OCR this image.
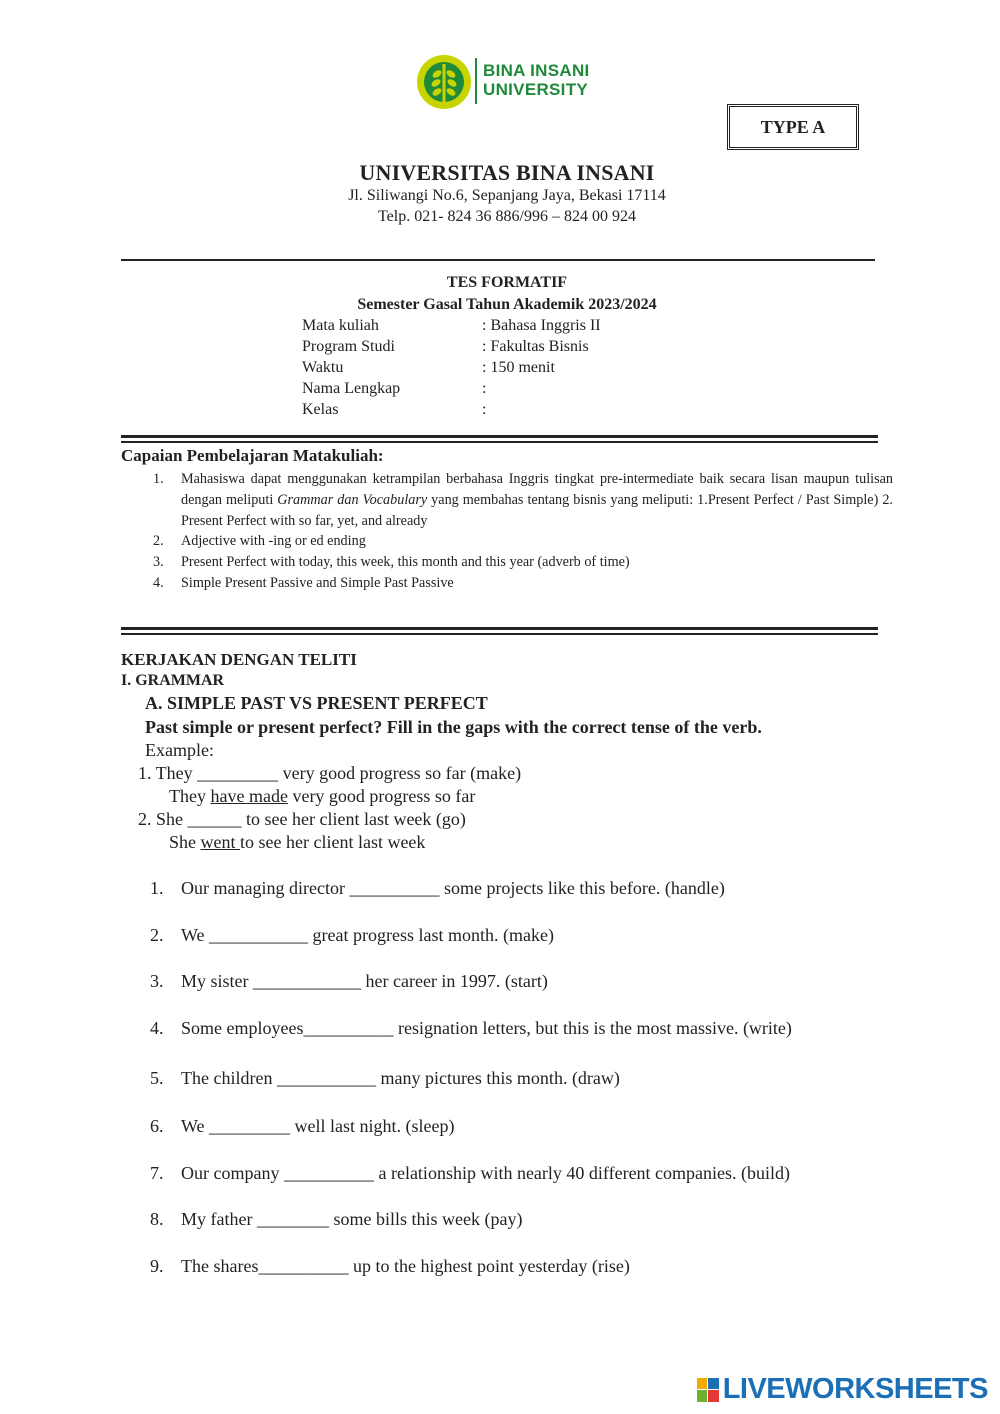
BINA INSANI
UNIVERSITY
TYPE A
UNIVERSITAS BINA INSANI
Jl. Siliwangi No.6, Sepanjang Jaya, Bekasi 17114
Telp. 021- 824 36 886/996 – 824 00 924
TES FORMATIF
Semester Gasal Tahun Akademik 2023/2024
Mata kuliah	: Bahasa Inggris II
Program Studi	: Fakultas Bisnis
Waktu	: 150 menit
Nama Lengkap	:
Kelas	:
Capaian Pembelajaran Matakuliah:
1. Mahasiswa dapat menggunakan ketrampilan berbahasa Inggris tingkat pre-intermediate baik secara lisan maupun tulisan dengan meliputi Grammar dan Vocabulary yang membahas tentang bisnis yang meliputi: 1.Present Perfect / Past Simple) 2. Present Perfect with so far, yet, and already
2. Adjective with -ing or ed ending
3. Present Perfect with today, this week, this month and this year (adverb of time)
4. Simple Present Passive and Simple Past Passive
KERJAKAN DENGAN TELITI
I. GRAMMAR
A. SIMPLE PAST VS PRESENT PERFECT
Past simple or present perfect? Fill in the gaps with the correct tense of the verb.
Example:
1. They _________ very good progress so far (make)
They have made very good progress so far
2. She ______ to see her client last week (go)
She went to see her client last week
1. Our managing director __________ some projects like this before. (handle)
2. We ___________ great progress last month. (make)
3. My sister ____________ her career in 1997. (start)
4. Some employees__________ resignation letters, but this is the most massive. (write)
5. The children ___________ many pictures this month. (draw)
6. We _________ well last night. (sleep)
7. Our company __________ a relationship with nearly 40 different companies. (build)
8. My father ________ some bills this week (pay)
9. The shares__________ up to the highest point yesterday (rise)
LIVEWORKSHEETS
